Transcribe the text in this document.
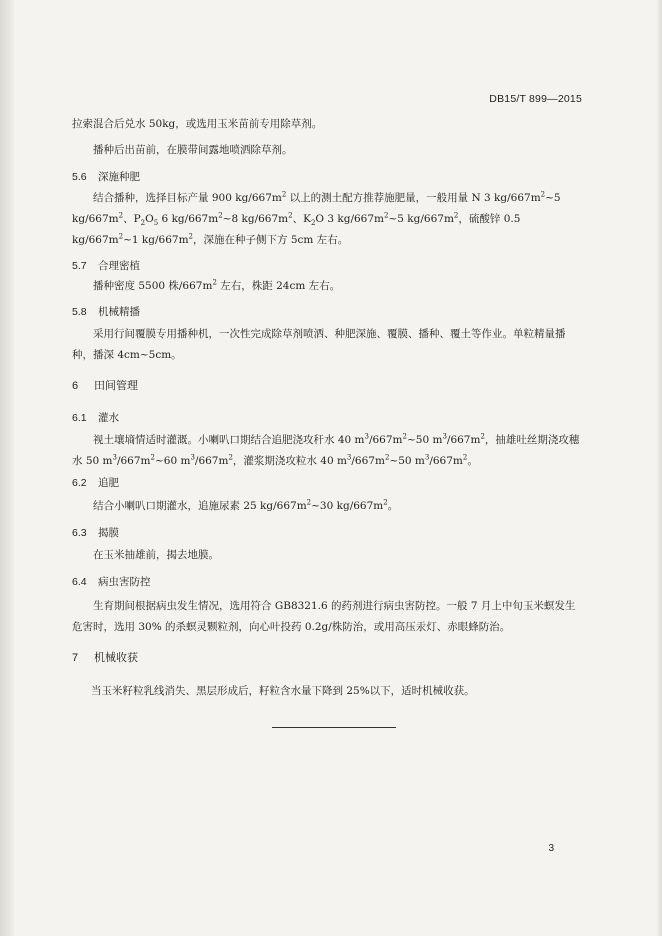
DB15/T 899—2015
拉索混合后兑水 50kg，或选用玉米苗前专用除草剂。
播种后出苗前，在膜带间露地喷洒除草剂。
5.6 深施种肥
结合播种，选择目标产量 900 $kg/667m^2$ 以上的测土配方推荐施肥量，一般用量 N 3 $kg/667m^2\sim 5$ $kg/667m^2$、$P_2O_5$ 6 $kg/667m^2\sim 8$ $kg/667m^2$、$K_2O$ 3 $kg/667m^2\sim 5$ $kg/667m^2$，硫酸锌 0.5 $kg/667m^2\sim 1$ $kg/667m^2$，深施在种子侧下方 5cm 左右。
5.7 合理密植
播种密度 5500 株$/667m^2$ 左右，株距 24cm 左右。
5.8 机械精播
采用行间覆膜专用播种机，一次性完成除草剂喷洒、种肥深施、覆膜、播种、覆土等作业。单粒精量播种，播深 4cm~5cm。
6 田间管理
6.1 灌水
视土壤墒情适时灌溉。小喇叭口期结合追肥浇攻秆水 40 $m^3/667m^2\sim 50$ $m^3/667m^2$，抽雄吐丝期浇攻穗水 50 $m^3/667m^2\sim 60$ $m^3/667m^2$，灌浆期浇攻粒水 40 $m^3/667m^2\sim 50$ $m^3/667m^2$。
6.2 追肥
结合小喇叭口期灌水，追施尿素 25 $kg/667m^2\sim 30$ $kg/667m^2$。
6.3 揭膜
在玉米抽雄前，揭去地膜。
6.4 病虫害防控
生育期间根据病虫发生情况，选用符合 GB8321.6 的药剂进行病虫害防控。一般 7 月上中旬玉米螟发生危害时，选用 30% 的杀螟灵颗粒剂，向心叶投药 0.2g/株防治，或用高压汞灯、赤眼蜂防治。
7 机械收获
当玉米籽粒乳线消失、黑层形成后，籽粒含水量下降到 25%以下，适时机械收获。
3
